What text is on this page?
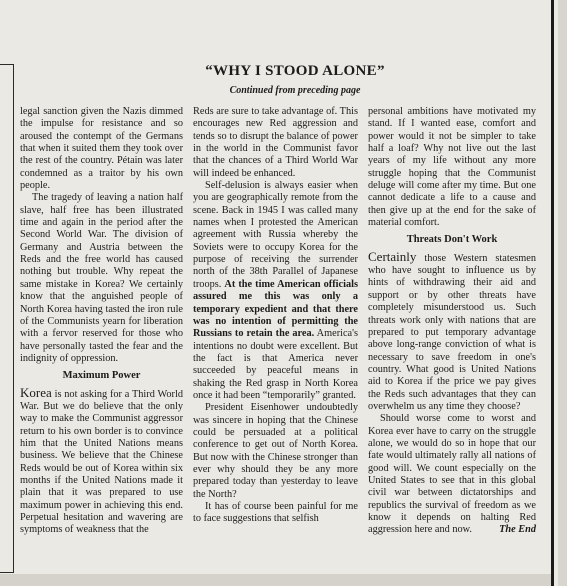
“WHY I STOOD ALONE”
Continued from preceding page

legal sanction given the Nazis dimmed the impulse for resistance and so aroused the contempt of the Germans that when it suited them they took over the rest of the country. Pétain was later condemned as a traitor by his own people.

The tragedy of leaving a nation half slave, half free has been illustrated time and again in the period after the Second World War. The division of Germany and Austria between the Reds and the free world has caused nothing but trouble. Why repeat the same mistake in Korea? We certainly know that the anguished people of North Korea having tasted the iron rule of the Communists yearn for liberation with a fervor reserved for those who have personally tasted the fear and the indignity of oppression.

Maximum Power

Korea is not asking for a Third World War. But we do believe that the only way to make the Communist aggressor return to his own border is to convince him that the United Nations means business. We believe that the Chinese Reds would be out of Korea within six months if the United Nations made it plain that it was prepared to use maximum power in achieving this end. Perpetual hesitation and wavering are symptoms of weakness that the

Reds are sure to take advantage of. This encourages new Red aggression and tends so to disrupt the balance of power in the world in the Communist favor that the chances of a Third World War will indeed be enhanced.

Self-delusion is always easier when you are geographically remote from the scene. Back in 1945 I was called many names when I protested the American agreement with Russia whereby the Soviets were to occupy Korea for the purpose of receiving the surrender north of the 38th Parallel of Japanese troops. At the time American officials assured me this was only a temporary expedient and that there was no intention of permitting the Russians to retain the area. America's intentions no doubt were excellent. But the fact is that America never succeeded by peaceful means in shaking the Red grasp in North Korea once it had been “temporarily” granted.

President Eisenhower undoubtedly was sincere in hoping that the Chinese could be persuaded at a political conference to get out of North Korea. But now with the Chinese stronger than ever why should they be any more prepared today than yesterday to leave the North?

It has of course been painful for me to face suggestions that selfish

personal ambitions have motivated my stand. If I wanted ease, comfort and power would it not be simpler to take half a loaf? Why not live out the last years of my life without any more struggle hoping that the Communist deluge will come after my time. But one cannot dedicate a life to a cause and then give up at the end for the sake of material comfort.

Threats Don't Work

Certainly those Western statesmen who have sought to influence us by hints of withdrawing their aid and support or by other threats have completely misunderstood us. Such threats work only with nations that are prepared to put temporary advantage above long-range conviction of what is necessary to save freedom in one's country. What good is United Nations aid to Korea if the price we pay gives the Reds such advantages that they can overwhelm us any time they choose?

Should worse come to worst and Korea ever have to carry on the struggle alone, we would do so in hope that our fate would ultimately rally all nations of good will. We count especially on the United States to see that in this global civil war between dictatorships and republics the survival of freedom as we know it depends on halting Red aggression here and now.	The End
